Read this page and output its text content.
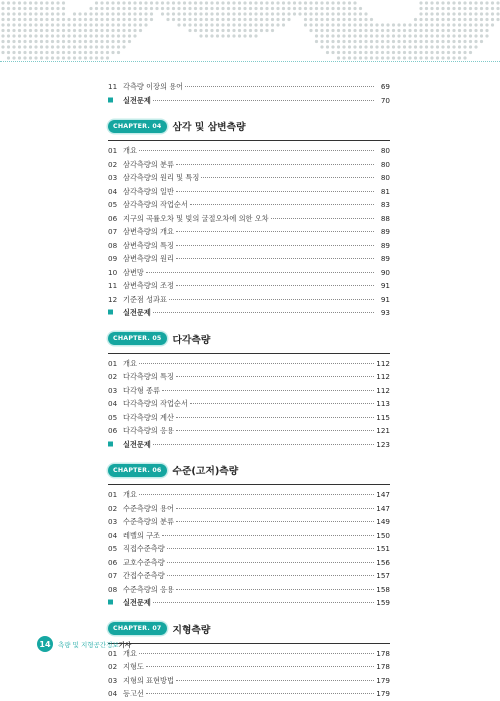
11 각측량 이장의 용어	69
실전문제	70
CHAPTER. 04	삼각 및 삼변측량
01 개요	80
02 삼각측량의 분류	80
03 삼각측량의 원리 및 특징	80
04 삼각측량의 일반	81
05 삼각측량의 작업순서	83
06 지구의 곡률오차 및 빛의 굴절오차에 의한 오차	88
07 삼변측량의 개요	89
08 삼변측량의 특징	89
09 삼변측량의 원리	89
10 삼변망	90
11 삼변측량의 조정	91
12 기준점 성과표	91
실전문제	93
CHAPTER. 05	다각측량
01 개요	112
02 다각측량의 특징	112
03 다각형 종류	112
04 다각측량의 작업순서	113
05 다각측량의 계산	115
06 다각측량의 응용	121
실전문제	123
CHAPTER. 06	수준(고저)측량
01 개요	147
02 수준측량의 용어	147
03 수준측량의 분류	149
04 레벨의 구조	150
05 직접수준측량	151
06 교호수준측량	156
07 간접수준측량	157
08 수준측량의 응용	158
실전문제	159
CHAPTER. 07	지형측량
01 개요	178
02 지형도	178
03 지형의 표현방법	179
04 등고선	179
14	측량 및 지형공간정보기사
